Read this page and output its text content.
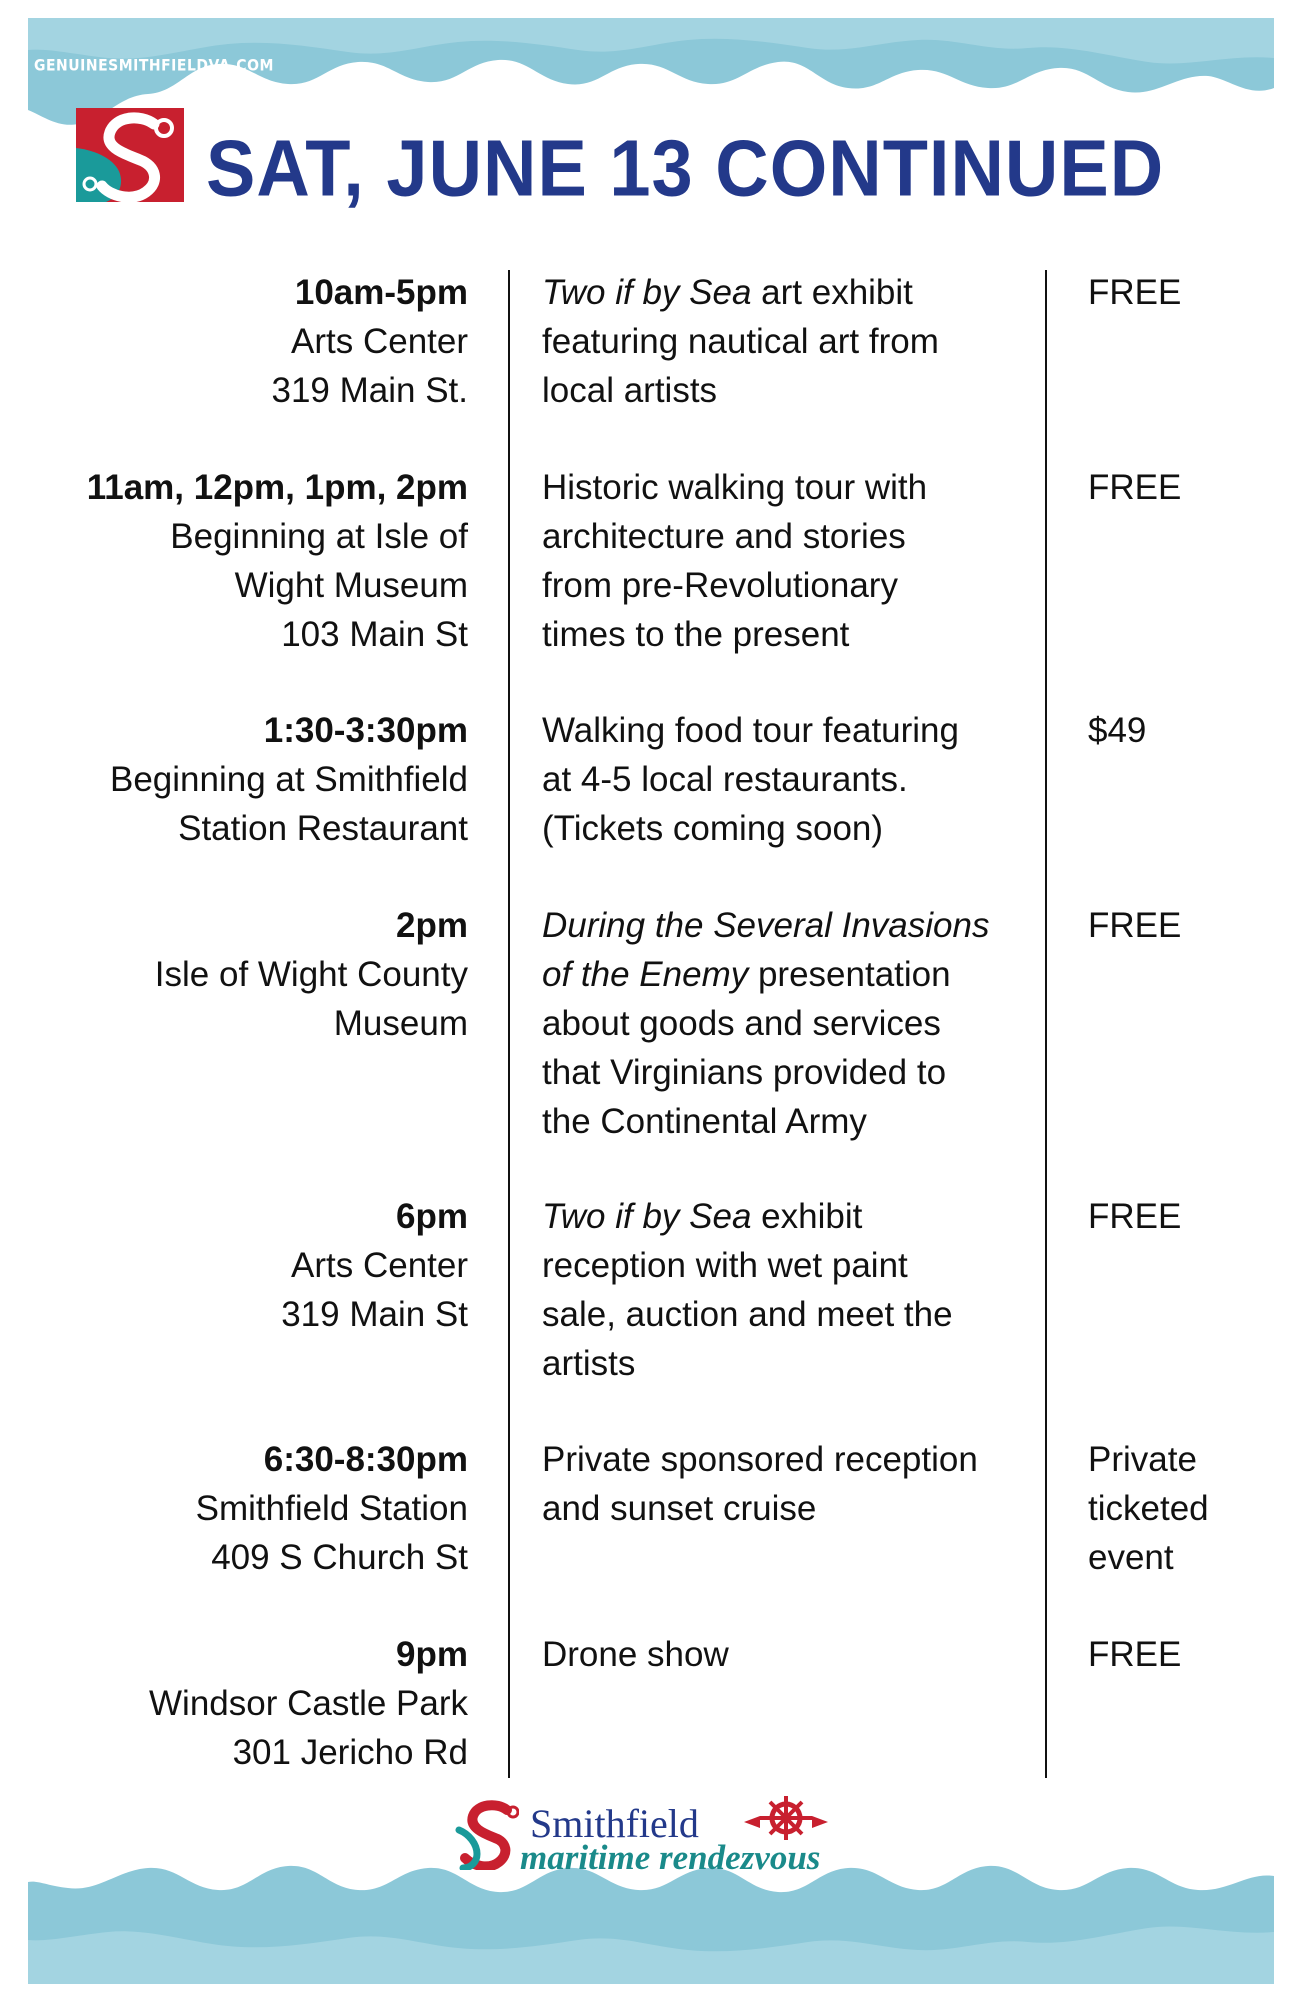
GENUINESMITHFIELDVA.COM
SAT, JUNE 13 CONTINUED
10am-5pm
Arts Center
319 Main St.
Two if by Sea art exhibit
featuring nautical art from
local artists
FREE
11am, 12pm, 1pm, 2pm
Beginning at Isle of
Wight Museum
103 Main St
Historic walking tour with
architecture and stories
from pre-Revolutionary
times to the present
FREE
1:30-3:30pm
Beginning at Smithfield
Station Restaurant
Walking food tour featuring
at 4-5 local restaurants.
(Tickets coming soon)
$49
2pm
Isle of Wight County
Museum
During the Several Invasions
of the Enemy presentation
about goods and services
that Virginians provided to
the Continental Army
FREE
6pm
Arts Center
319 Main St
Two if by Sea exhibit
reception with wet paint
sale, auction and meet the
artists
FREE
6:30-8:30pm
Smithfield Station
409 S Church St
Private sponsored reception
and sunset cruise
Private
ticketed
event
9pm
Windsor Castle Park
301 Jericho Rd
Drone show	FREE
Smithfield
maritime rendezvous
